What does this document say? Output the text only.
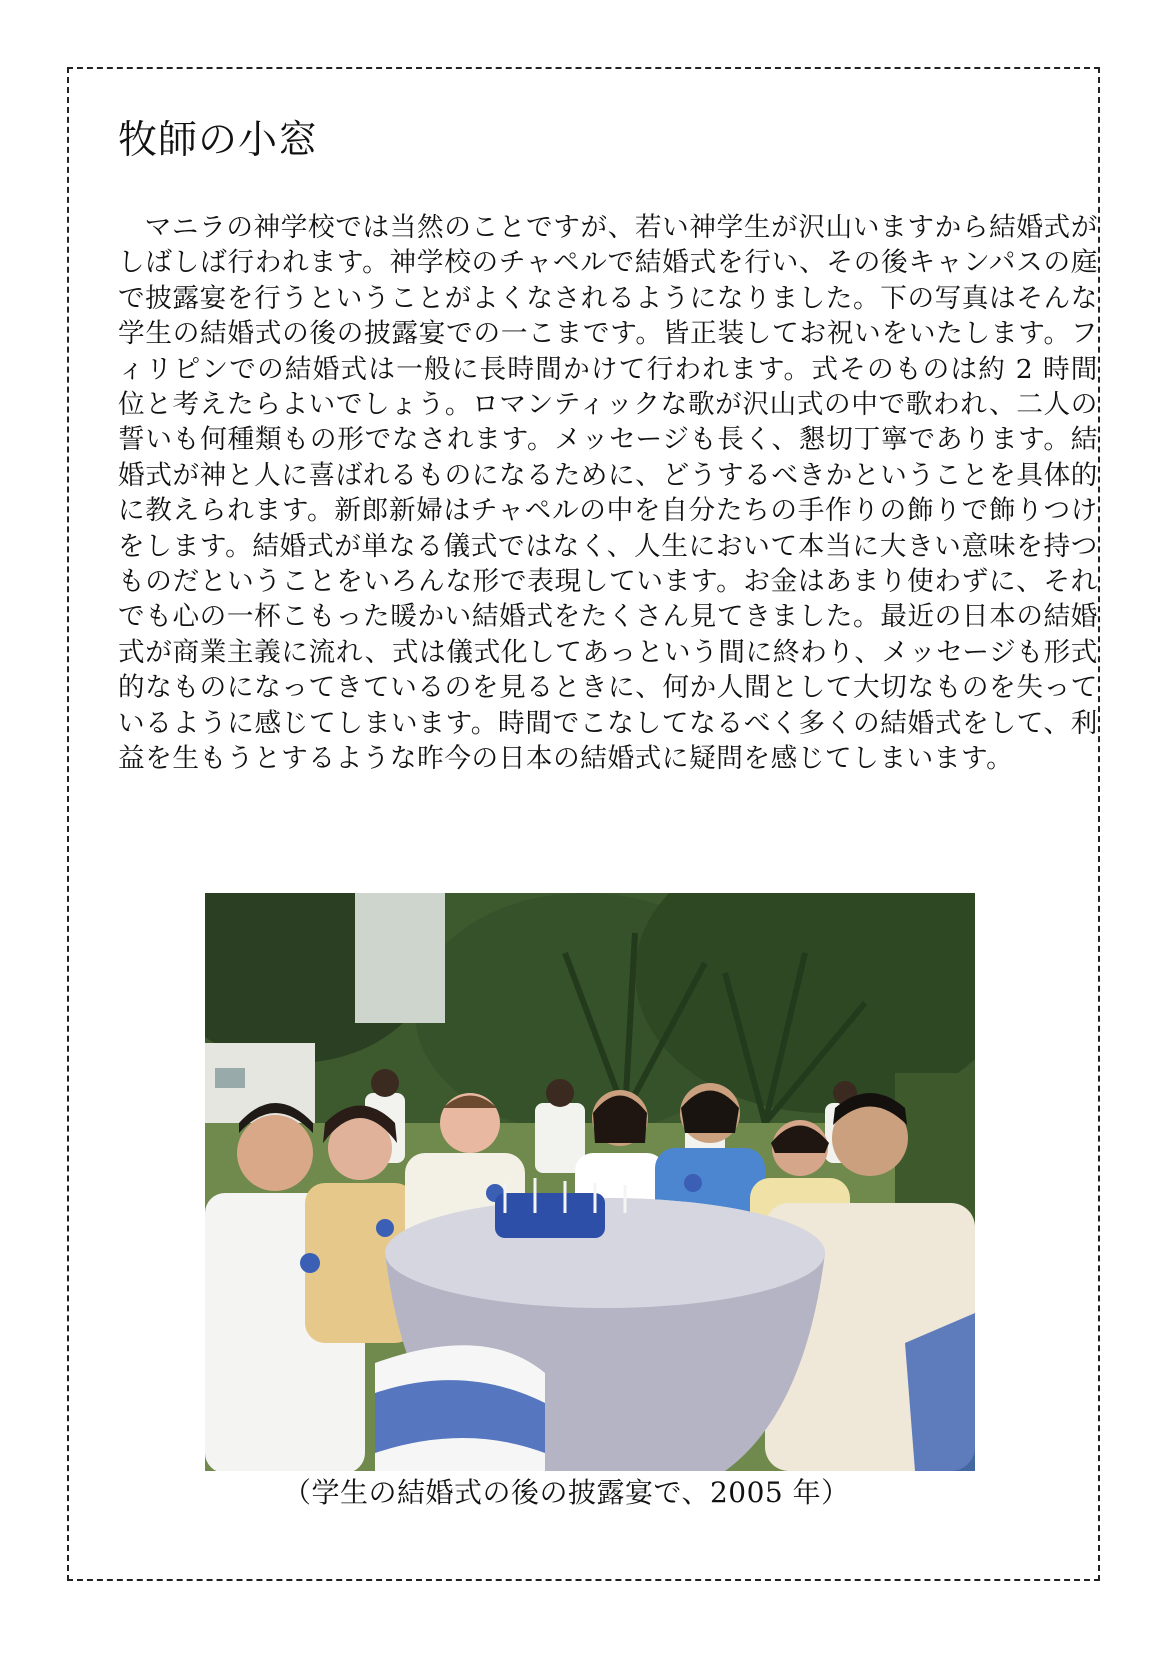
牧師の小窓

マニラの神学校では当然のことですが、若い神学生が沢山いますから結婚式がしばしば行われます。神学校のチャペルで結婚式を行い、その後キャンパスの庭で披露宴を行うということがよくなされるようになりました。下の写真はそんな学生の結婚式の後の披露宴での一こまです。皆正装してお祝いをいたします。フィリピンでの結婚式は一般に長時間かけて行われます。式そのものは約 2 時間位と考えたらよいでしょう。ロマンティックな歌が沢山式の中で歌われ、二人の誓いも何種類もの形でなされます。メッセージも長く、懇切丁寧であります。結婚式が神と人に喜ばれるものになるために、どうするべきかということを具体的に教えられます。新郎新婦はチャペルの中を自分たちの手作りの飾りで飾りつけをします。結婚式が単なる儀式ではなく、人生において本当に大きい意味を持つものだということをいろんな形で表現しています。お金はあまり使わずに、それでも心の一杯こもった暖かい結婚式をたくさん見てきました。最近の日本の結婚式が商業主義に流れ、式は儀式化してあっという間に終わり、メッセージも形式的なものになってきているのを見るときに、何か人間として大切なものを失っているように感じてしまいます。時間でこなしてなるべく多くの結婚式をして、利益を生もうとするような昨今の日本の結婚式に疑問を感じてしまいます。

（学生の結婚式の後の披露宴で、2005 年）
